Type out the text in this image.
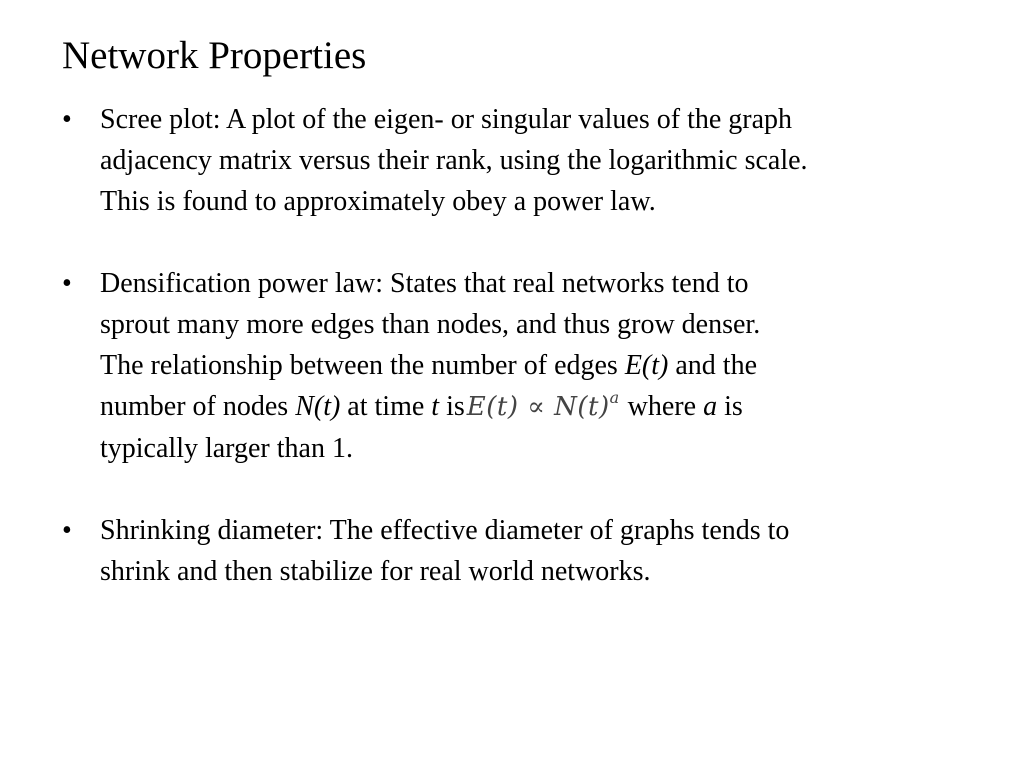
Network Properties
•	Scree plot: A plot of the eigen- or singular values of the graph
adjacency matrix versus their rank, using the logarithmic scale.
This is found to approximately obey a power law.
•	Densification power law: States that real networks tend to
sprout many more edges than nodes, and thus grow denser.
The relationship between the number of edges E(t) and the
number of nodes N(t) at time t $isE(t) \propto N(t)^a$ where a is
typically larger than 1.
•	Shrinking diameter: The effective diameter of graphs tends to
shrink and then stabilize for real world networks.
